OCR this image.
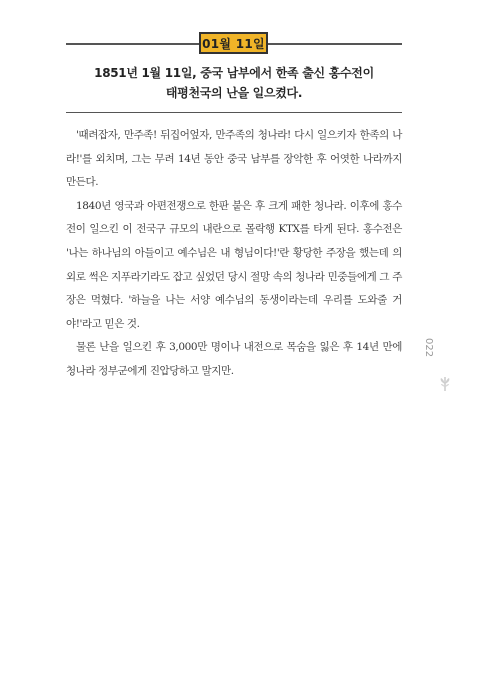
01월 11일
1851년 1월 11일, 중국 남부에서 한족 출신 홍수전이
태평천국의 난을 일으켰다.

'때려잡자, 만주족! 뒤집어엎자, 만주족의 청나라! 다시 일으키자 한족의 나라!'를 외치며, 그는 무려 14년 동안 중국 남부를 장악한 후 어엿한 나라까지 만든다.

1840년 영국과 아편전쟁으로 한판 붙은 후 크게 패한 청나라. 이후에 홍수전이 일으킨 이 전국구 규모의 내란으로 몰락행 KTX를 타게 된다. 홍수전은 '나는 하나님의 아들이고 예수님은 내 형님이다!'란 황당한 주장을 했는데 의외로 썩은 지푸라기라도 잡고 싶었던 당시 절망 속의 청나라 민중들에게 그 주장은 먹혔다. '하늘을 나는 서양 예수님의 동생이라는데 우리를 도와줄 거야!'라고 믿은 것.

물론 난을 일으킨 후 3,000만 명이나 내전으로 목숨을 잃은 후 14년 만에 청나라 정부군에게 진압당하고 말지만.

022
